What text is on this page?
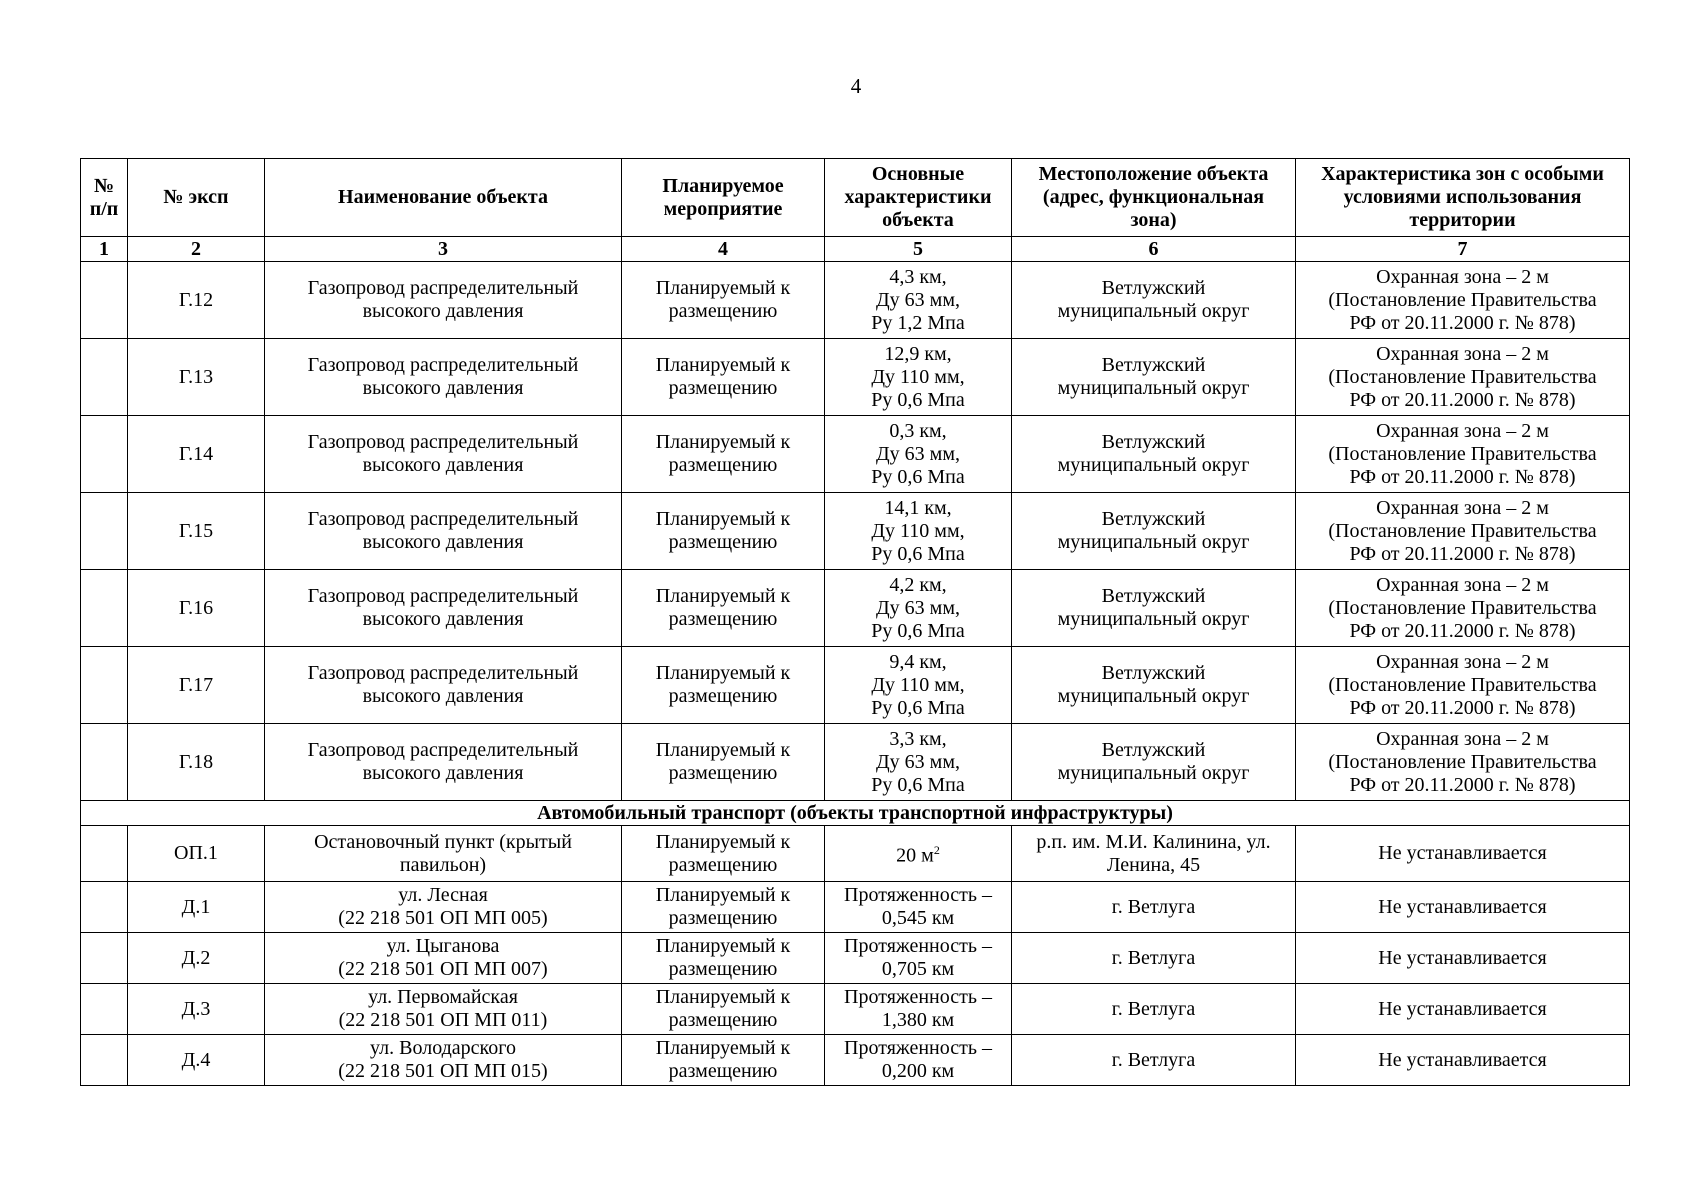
4
№
п/п	№ эксп	Наименование объекта	Планируемое
мероприятие	Основные
характеристики
объекта	Местоположение объекта
(адрес, функциональная
зона)	Характеристика зон с особыми
условиями использования
территории

1	2	3	4	5	6	7
	Г.12	Газопровод распределительный
высокого давления	Планируемый к
размещению	4,3 км,
Ду 63 мм,
Ру 1,2 Мпа	Ветлужский
муниципальный округ	Охранная зона – 2 м
(Постановление Правительства
РФ от 20.11.2000 г. № 878)

	Г.13	Газопровод распределительный
высокого давления	Планируемый к
размещению	12,9 км,
Ду 110 мм,
Ру 0,6 Мпа	Ветлужский
муниципальный округ	Охранная зона – 2 м
(Постановление Правительства
РФ от 20.11.2000 г. № 878)

	Г.14	Газопровод распределительный
высокого давления	Планируемый к
размещению	0,3 км,
Ду 63 мм,
Ру 0,6 Мпа	Ветлужский
муниципальный округ	Охранная зона – 2 м
(Постановление Правительства
РФ от 20.11.2000 г. № 878)

	Г.15	Газопровод распределительный
высокого давления	Планируемый к
размещению	14,1 км,
Ду 110 мм,
Ру 0,6 Мпа	Ветлужский
муниципальный округ	Охранная зона – 2 м
(Постановление Правительства
РФ от 20.11.2000 г. № 878)

	Г.16	Газопровод распределительный
высокого давления	Планируемый к
размещению	4,2 км,
Ду 63 мм,
Ру 0,6 Мпа	Ветлужский
муниципальный округ	Охранная зона – 2 м
(Постановление Правительства
РФ от 20.11.2000 г. № 878)

	Г.17	Газопровод распределительный
высокого давления	Планируемый к
размещению	9,4 км,
Ду 110 мм,
Ру 0,6 Мпа	Ветлужский
муниципальный округ	Охранная зона – 2 м
(Постановление Правительства
РФ от 20.11.2000 г. № 878)

	Г.18	Газопровод распределительный
высокого давления	Планируемый к
размещению	3,3 км,
Ду 63 мм,
Ру 0,6 Мпа	Ветлужский
муниципальный округ	Охранная зона – 2 м
(Постановление Правительства
РФ от 20.11.2000 г. № 878)

Автомобильный транспорт (объекты транспортной инфраструктуры)						
	ОП.1	Остановочный пункт (крытый
павильон)	Планируемый к
размещению	20 $м^2$	р.п. им. М.И. Калинина, ул.
Ленина, 45	Не устанавливается

	Д.1	ул. Лесная
(22 218 501 ОП МП 005)	Планируемый к
размещению	Протяженность –
0,545 км	г. Ветлуга	Не устанавливается

	Д.2	ул. Цыганова
(22 218 501 ОП МП 007)	Планируемый к
размещению	Протяженность –
0,705 км	г. Ветлуга	Не устанавливается

	Д.3	ул. Первомайская
(22 218 501 ОП МП 011)	Планируемый к
размещению	Протяженность –
1,380 км	г. Ветлуга	Не устанавливается

	Д.4	ул. Володарского
(22 218 501 ОП МП 015)	Планируемый к
размещению	Протяженность –
0,200 км	г. Ветлуга	Не устанавливается
